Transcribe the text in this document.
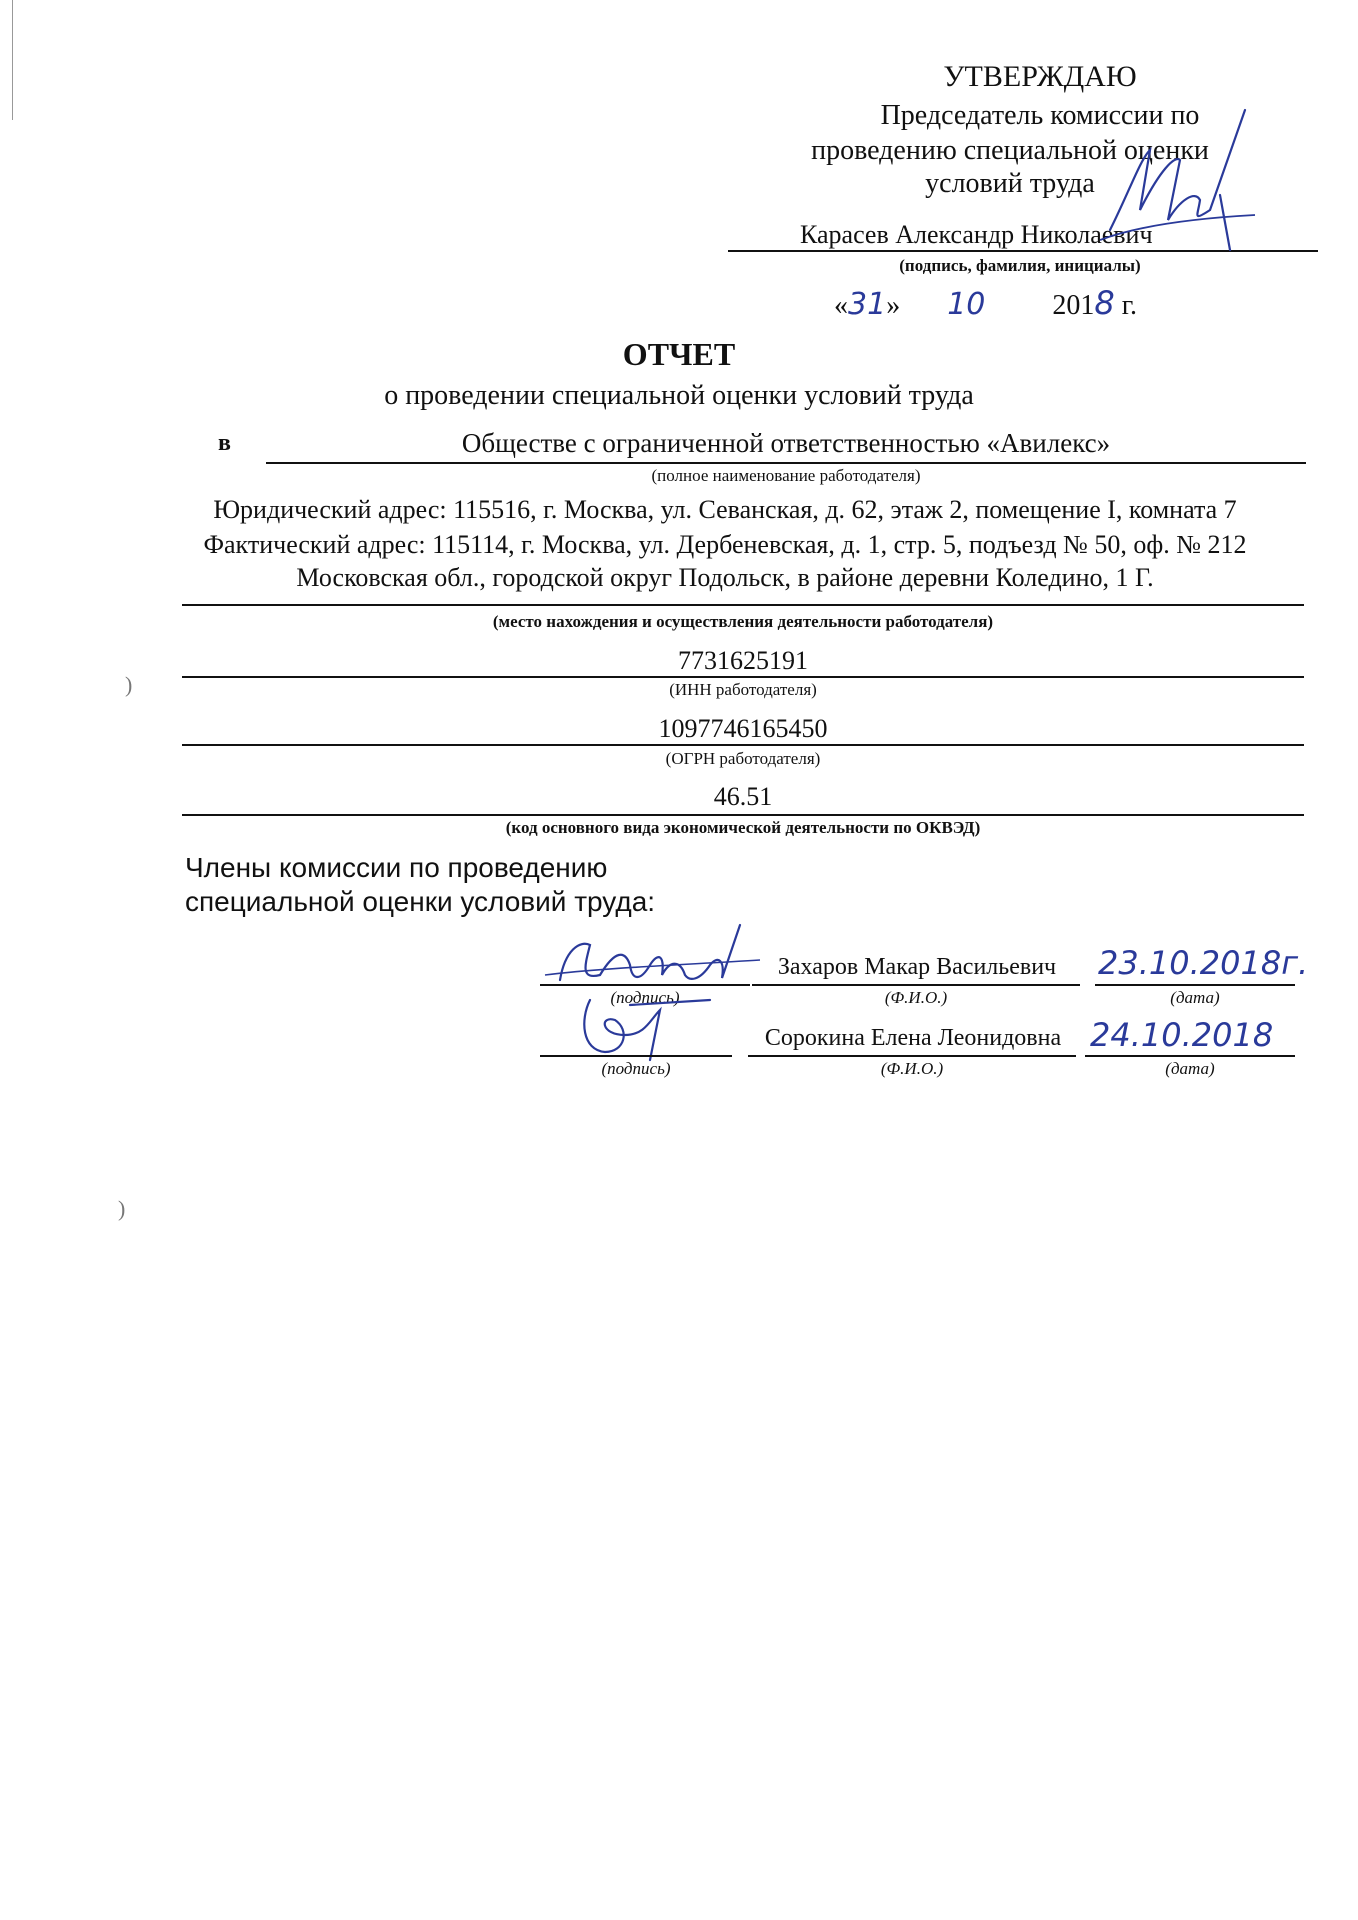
УТВЕРЖДАЮ
Председатель комиссии по
проведению специальной оценки
условий труда
Карасев Александр Николаевич
(подпись, фамилия, инициалы)
«31» 10 2018 г.
ОТЧЕТ
о проведении специальной оценки условий труда
в	Обществе с ограниченной ответственностью «Авилекс»
(полное наименование работодателя)
Юридический адрес: 115516, г. Москва, ул. Севанская, д. 62, этаж 2, помещение I, комната 7
Фактический адрес: 115114, г. Москва, ул. Дербеневская, д. 1, стр. 5, подъезд № 50, оф. № 212
Московская обл., городской округ Подольск, в районе деревни Коледино, 1 Г.
(место нахождения и осуществления деятельности работодателя)
7731625191
(ИНН работодателя)
1097746165450
(ОГРН работодателя)
46.51
(код основного вида экономической деятельности по ОКВЭД)
Члены комиссии по проведению
специальной оценки условий труда:
(подпись)
Захаров Макар Васильевич
(Ф.И.О.)
23.10.2018г.
(дата)
(подпись)
Сорокина Елена Леонидовна
(Ф.И.О.)
24.10.2018
(дата)
)
)
